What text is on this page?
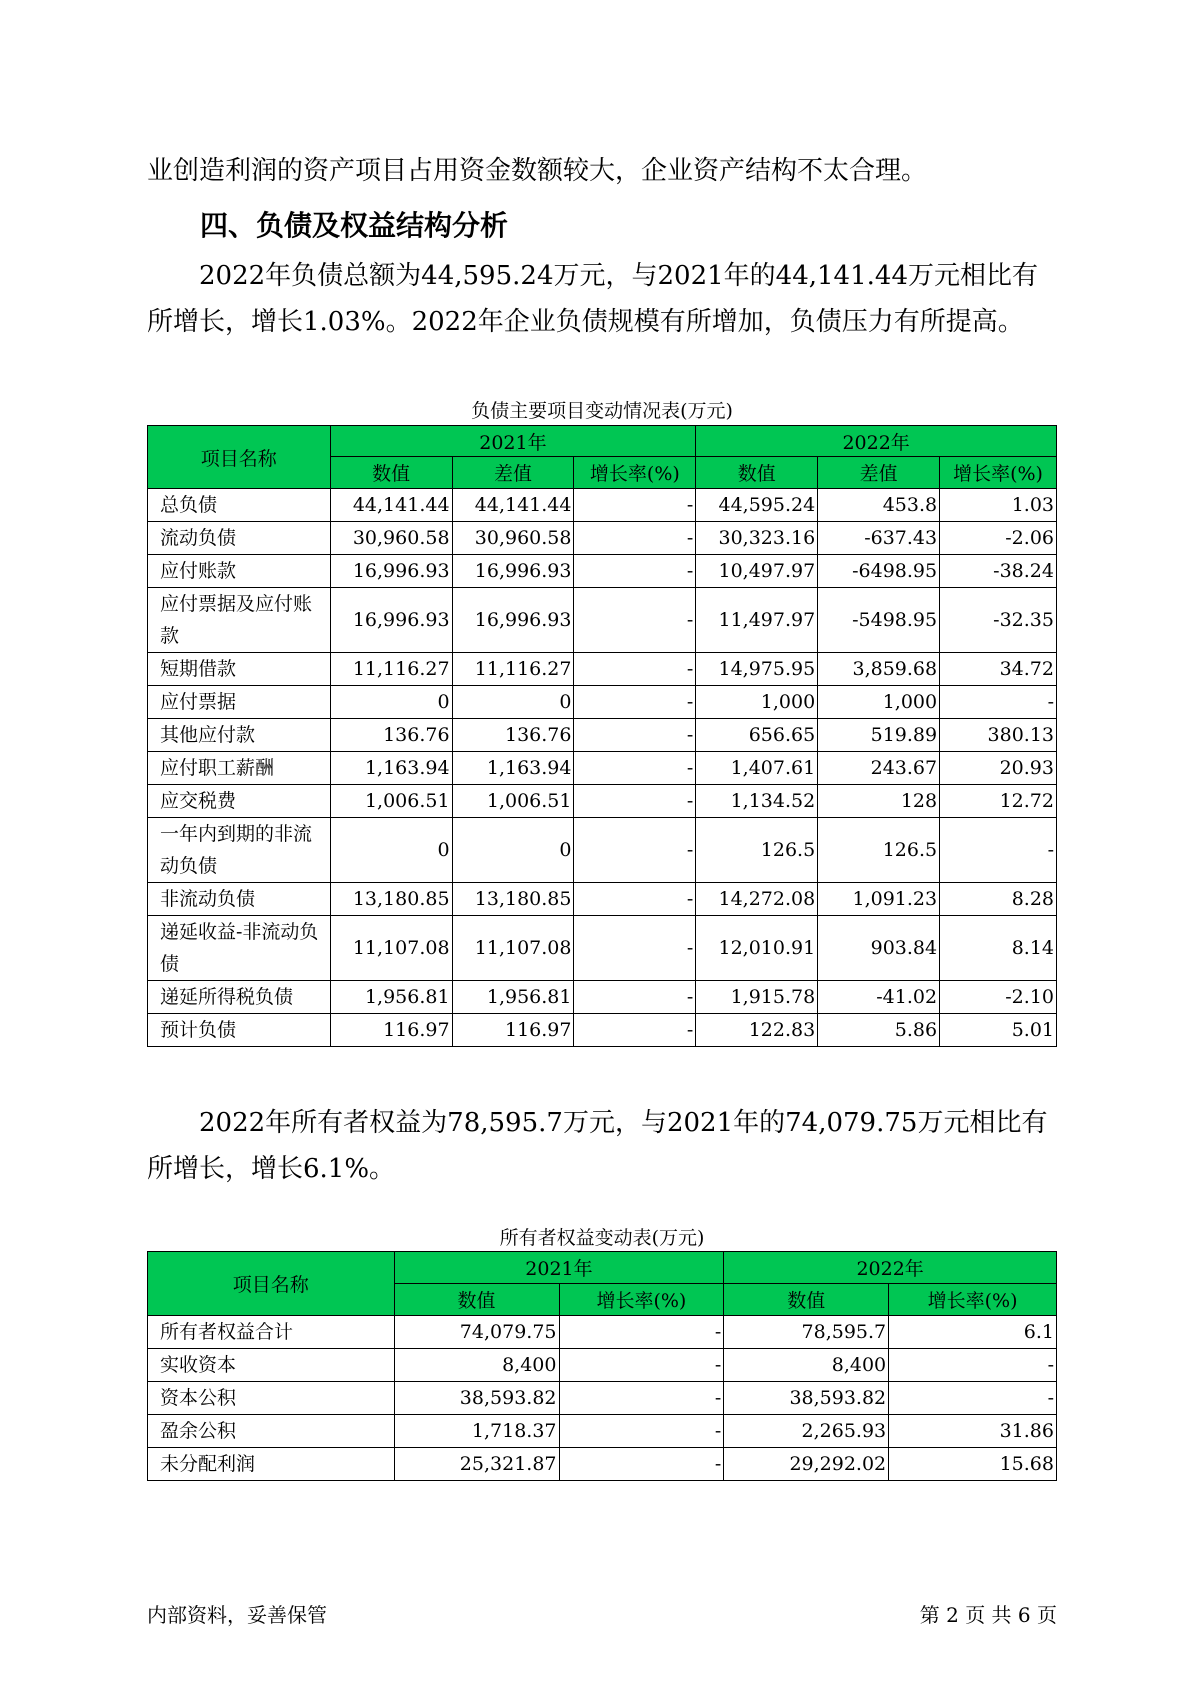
业创造利润的资产项目占用资金数额较大，企业资产结构不太合理。

四、负债及权益结构分析

2022年负债总额为44,595.24万元，与2021年的44,141.44万元相比有所增长，增长1.03%。2022年企业负债规模有所增加，负债压力有所提高。

负债主要项目变动情况表(万元)
项目名称	2021年			2022年		
	数值	差值	增长率(%)	数值	差值	增长率(%)
总负债	44,141.44	44,141.44	-	44,595.24	453.8	1.03
流动负债	30,960.58	30,960.58	-	30,323.16	-637.43	-2.06
应付账款	16,996.93	16,996.93	-	10,497.97	-6498.95	-38.24
应付票据及应付账款	16,996.93	16,996.93	-	11,497.97	-5498.95	-32.35
短期借款	11,116.27	11,116.27	-	14,975.95	3,859.68	34.72
应付票据	0	0	-	1,000	1,000	-
其他应付款	136.76	136.76	-	656.65	519.89	380.13
应付职工薪酬	1,163.94	1,163.94	-	1,407.61	243.67	20.93
应交税费	1,006.51	1,006.51	-	1,134.52	128	12.72
一年内到期的非流动负债	0	0	-	126.5	126.5	-
非流动负债	13,180.85	13,180.85	-	14,272.08	1,091.23	8.28
递延收益-非流动负债	11,107.08	11,107.08	-	12,010.91	903.84	8.14
递延所得税负债	1,956.81	1,956.81	-	1,915.78	-41.02	-2.10
预计负债	116.97	116.97	-	122.83	5.86	5.01

2022年所有者权益为78,595.7万元，与2021年的74,079.75万元相比有所增长，增长6.1%。

所有者权益变动表(万元)
项目名称	2021年		2022年	
	数值	增长率(%)	数值	增长率(%)
所有者权益合计	74,079.75	-	78,595.7	6.1
实收资本	8,400	-	8,400	-
资本公积	38,593.82	-	38,593.82	-
盈余公积	1,718.37	-	2,265.93	31.86
未分配利润	25,321.87	-	29,292.02	15.68
内部资料，妥善保管	第 2 页 共 6 页
